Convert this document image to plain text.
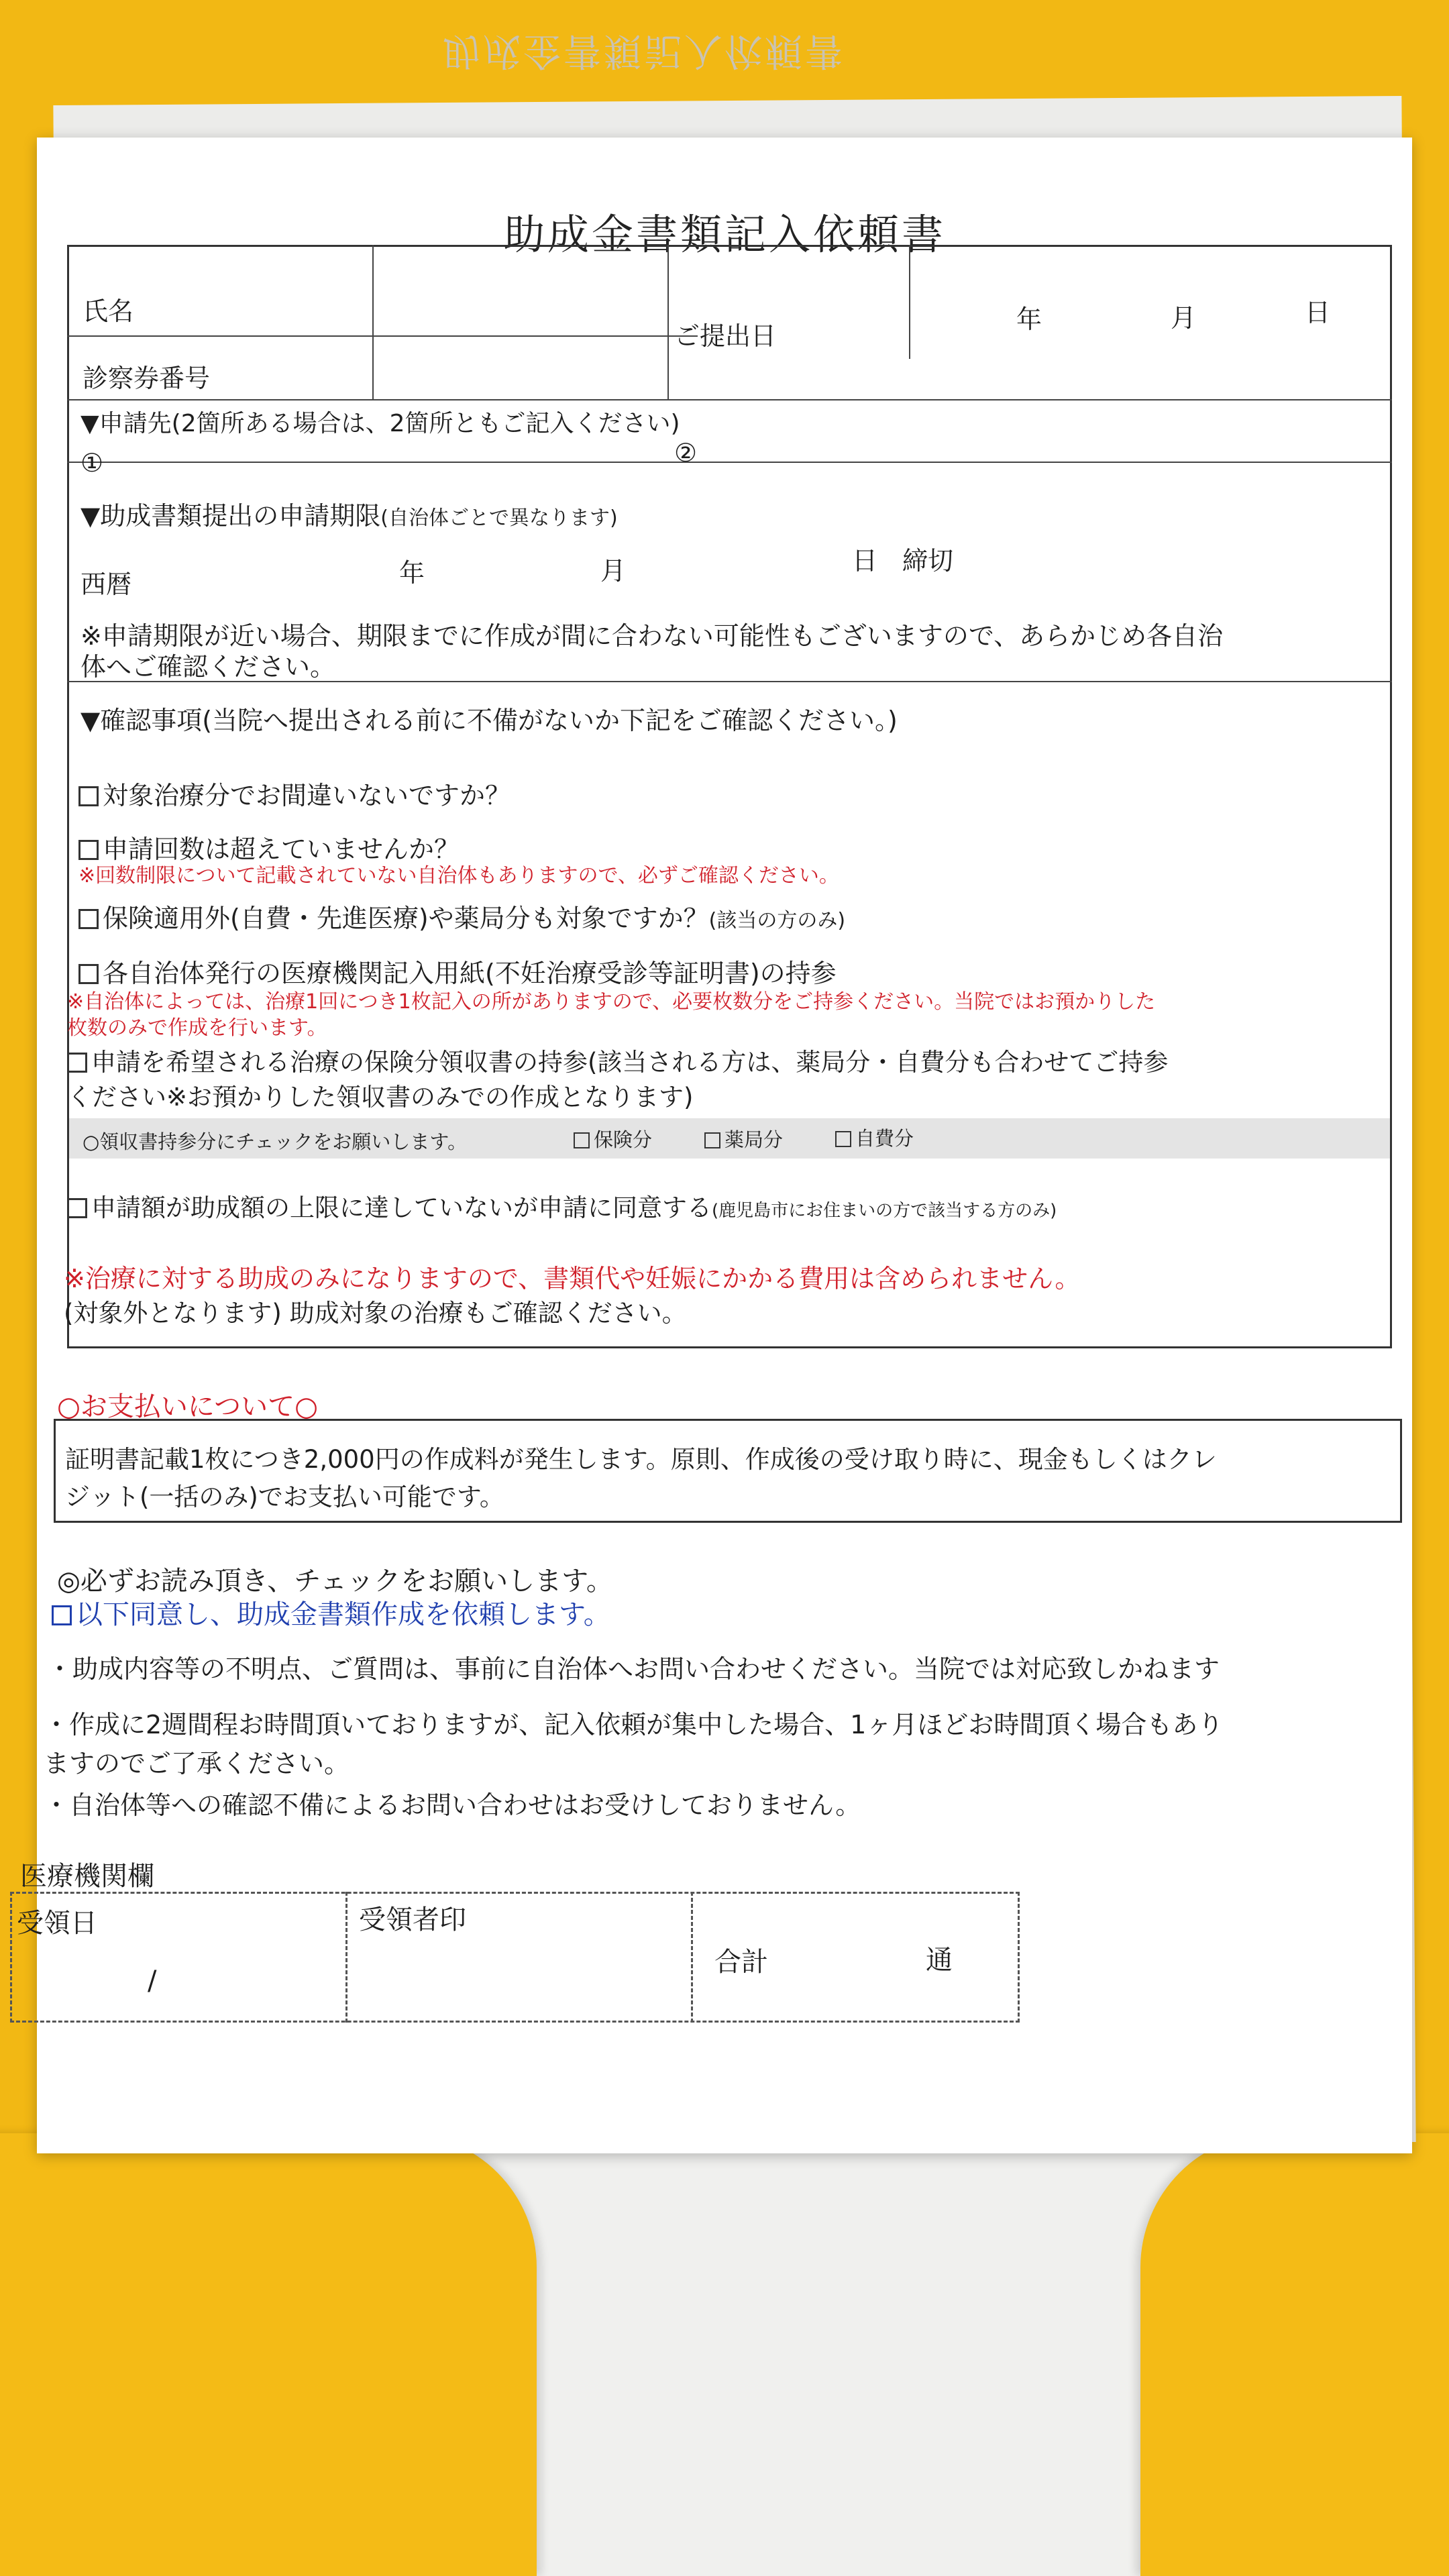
助成金書類記入依頼書
助成金書類記入依頼書
氏名
診察券番号
ご提出日
年	月	日
▼申請先(2箇所ある場合は、2箇所ともご記入ください)
①	②
▼助成書類提出の申請期限(自治体ごとで異なります)
西暦	年	月	日 締切
※申請期限が近い場合、期限までに作成が間に合わない可能性もございますので、あらかじめ各自治
体へご確認ください。
▼確認事項(当院へ提出される前に不備がないか下記をご確認ください。)
対象治療分でお間違いないですか？
申請回数は超えていませんか？
※回数制限について記載されていない自治体もありますので、必ずご確認ください。
保険適用外(自費・先進医療)や薬局分も対象ですか？(該当の方のみ)
各自治体発行の医療機関記入用紙(不妊治療受診等証明書)の持参
※自治体によっては、治療1回につき1枚記入の所がありますので、必要枚数分をご持参ください。当院ではお預かりした
枚数のみで作成を行います。
申請を希望される治療の保険分領収書の持参(該当される方は、薬局分・自費分も合わせてご持参
ください※お預かりした領収書のみでの作成となります)
○領収書持参分にチェックをお願いします。	保険分	薬局分	自費分
申請額が助成額の上限に達していないが申請に同意する(鹿児島市にお住まいの方で該当する方のみ)
※治療に対する助成のみになりますので、書類代や妊娠にかかる費用は含められません。
(対象外となります) 助成対象の治療もご確認ください。
○お支払いについて○
証明書記載1枚につき2,000円の作成料が発生します。原則、作成後の受け取り時に、現金もしくはクレ
ジット(一括のみ)でお支払い可能です。
◎必ずお読み頂き、チェックをお願いします。
以下同意し、助成金書類作成を依頼します。
・助成内容等の不明点、ご質問は、事前に自治体へお問い合わせください。当院では対応致しかねます
・作成に2週間程お時間頂いておりますが、記入依頼が集中した場合、1ヶ月ほどお時間頂く場合もあり
ますのでご了承ください。
・自治体等への確認不備によるお問い合わせはお受けしておりません。
医療機関欄
受領日
/
受領者印
合計	通
